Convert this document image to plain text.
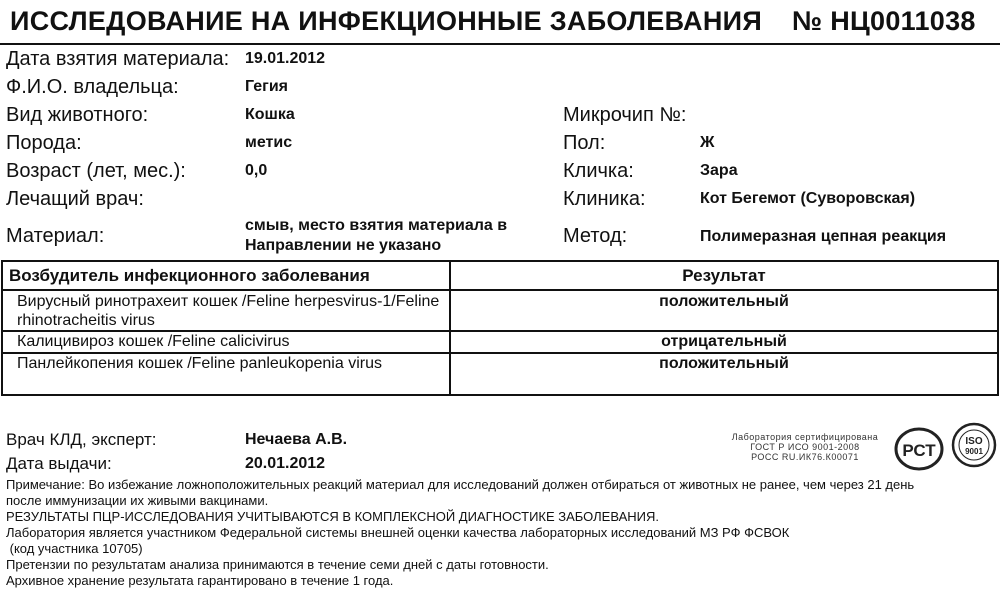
ИССЛЕДОВАНИЕ НА ИНФЕКЦИОННЫЕ ЗАБОЛЕВАНИЯ № НЦ0011038
Дата взятия материала: 19.01.2012
Ф.И.О. владельца:	Гегия
Вид животного:	Кошка
Порода:	метис
Возраст (лет, мес.):	0,0
Лечащий врач:
Материал:	смыв, место взятия материала в Направлении не указано
Микрочип №:
Пол:	Ж
Кличка:	Зара
Клиника:	Кот Бегемот (Суворовская)
Метод:	Полимеразная цепная реакция
Возбудитель инфекционного заболевания	Результат
Вирусный ринотрахеит кошек /Feline herpesvirus-1/Feline rhinotracheitis virus	положительный
Калицивироз кошек /Feline calicivirus	отрицательный
Панлейкопения кошек /Feline panleukopenia virus	положительный
Врач КЛД, эксперт:	Нечаева А.В.
Дата выдачи:	20.01.2012
Лаборатория сертифицирована
ГОСТ Р ИСО 9001-2008
РОСС RU.ИК76.К00071	РСТ	ISO
9001
Примечание: Во избежание ложноположительных реакций материал для исследований должен отбираться от животных не ранее, чем через 21 день
после иммунизации их живыми вакцинами.
РЕЗУЛЬТАТЫ ПЦР-ИССЛЕДОВАНИЯ УЧИТЫВАЮТСЯ В КОМПЛЕКСНОЙ ДИАГНОСТИКЕ ЗАБОЛЕВАНИЯ.
Лаборатория является участником Федеральной системы внешней оценки качества лабораторных исследований МЗ РФ ФСВОК
(код участника 10705)
Претензии по результатам анализа принимаются в течение семи дней с даты готовности.
Архивное хранение результата гарантировано в течение 1 года.
